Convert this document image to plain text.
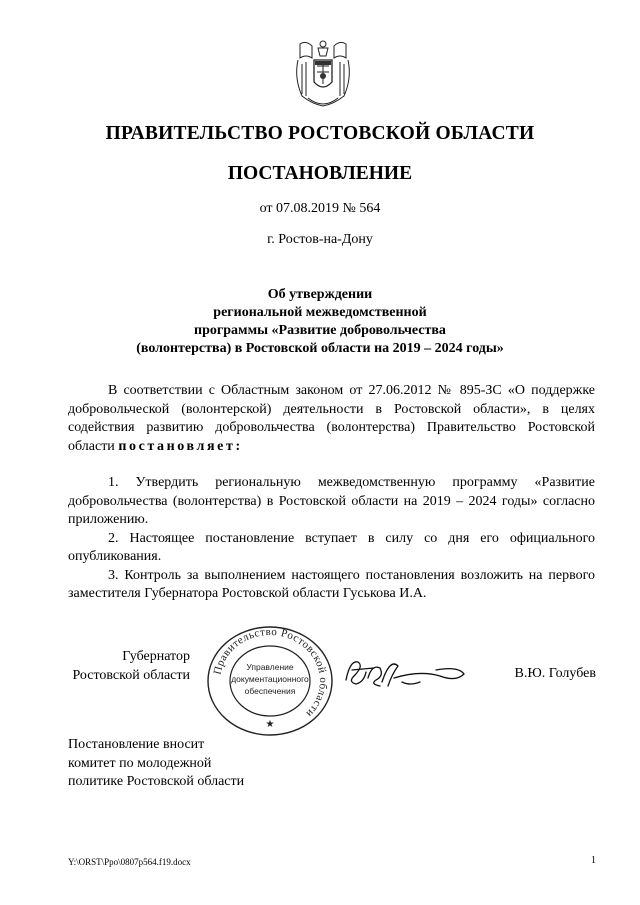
ПРАВИТЕЛЬСТВО РОСТОВСКОЙ ОБЛАСТИ
ПОСТАНОВЛЕНИЕ
от 07.08.2019 № 564
г. Ростов-на-Дону
Об утверждении
региональной межведомственной
программы «Развитие добровольчества
(волонтерства) в Ростовской области на 2019 – 2024 годы»

В соответствии с Областным законом от 27.06.2012 № 895-ЗС «О поддержке добровольческой (волонтерской) деятельности в Ростовской области», в целях содействия развитию добровольчества (волонтерства) Правительство Ростовской области постановляет:

1. Утвердить региональную межведомственную программу «Развитие добровольчества (волонтерства) в Ростовской области на 2019 – 2024 годы» согласно приложению.

2. Настоящее постановление вступает в силу со дня его официального опубликования.

3. Контроль за выполнением настоящего постановления возложить на первого заместителя Губернатора Ростовской области Гуськова И.А.

Губернатор
Ростовской области Правительство Ростовской области
Управление
документационного
обеспечения
★
В.Ю. Голубев
Постановление вносит
комитет по молодежной
политике Ростовской области
Y:\ORST\Ppo\0807p564.f19.docx	1
